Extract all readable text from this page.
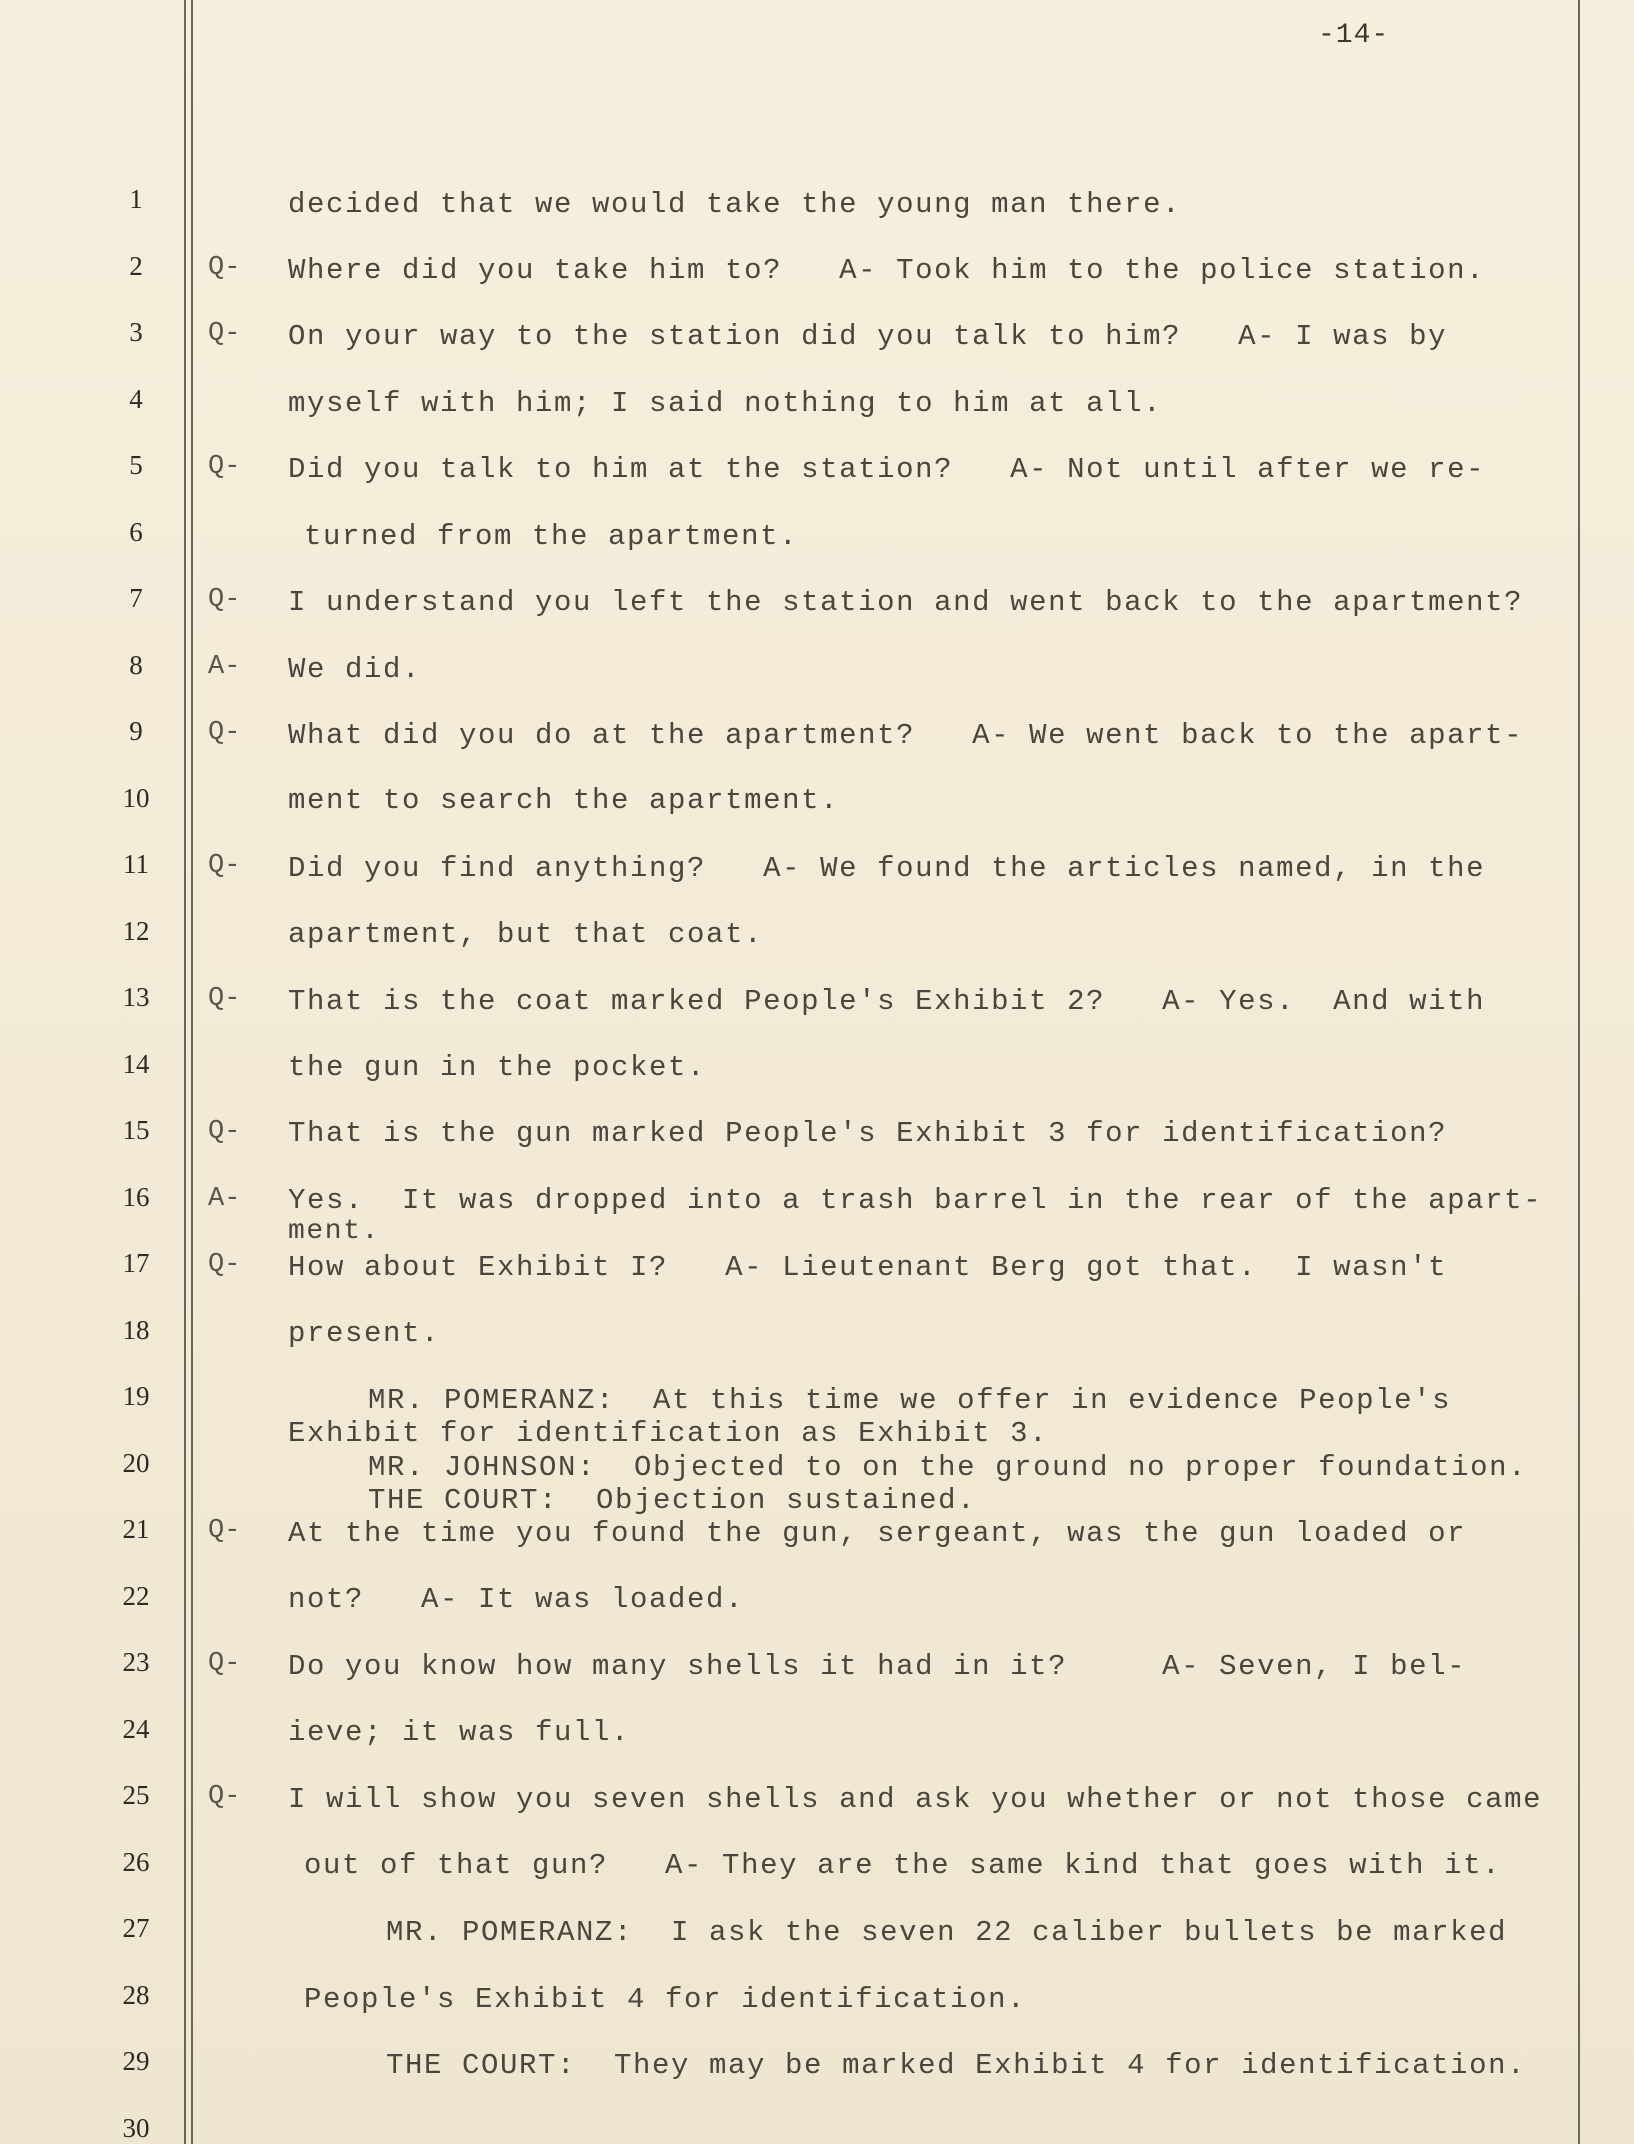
-14-
1
2
3
4
5
6
7
8
9
10
11
12
13
14
15
16
17
18
19
20
21
22
23
24
25
26
27
28
29
30
Q-
Q-
Q-
Q-
A-
Q-
Q-
Q-
Q-
A-
Q-
Q-
Q-
Q-
decided that we would take the young man there.
Where did you take him to?   A- Took him to the police station.
On your way to the station did you talk to him?   A- I was by
myself with him; I said nothing to him at all.
Did you talk to him at the station?   A- Not until after we re-
turned from the apartment.
I understand you left the station and went back to the apartment?
We did.
What did you do at the apartment?   A- We went back to the apart-
ment to search the apartment.
Did you find anything?   A- We found the articles named, in the
apartment, but that coat.
That is the coat marked People's Exhibit 2?   A- Yes.  And with
the gun in the pocket.
That is the gun marked People's Exhibit 3 for identification?
Yes.  It was dropped into a trash barrel in the rear of the apart-
ment.
How about Exhibit I?   A- Lieutenant Berg got that.  I wasn't
present.
MR. POMERANZ:  At this time we offer in evidence People's
Exhibit for identification as Exhibit 3.
MR. JOHNSON:  Objected to on the ground no proper foundation.
THE COURT:  Objection sustained.
At the time you found the gun, sergeant, was the gun loaded or
not?   A- It was loaded.
Do you know how many shells it had in it?     A- Seven, I bel-
ieve; it was full.
I will show you seven shells and ask you whether or not those came
out of that gun?   A- They are the same kind that goes with it.
MR. POMERANZ:  I ask the seven 22 caliber bullets be marked
People's Exhibit 4 for identification.
THE COURT:  They may be marked Exhibit 4 for identification.
